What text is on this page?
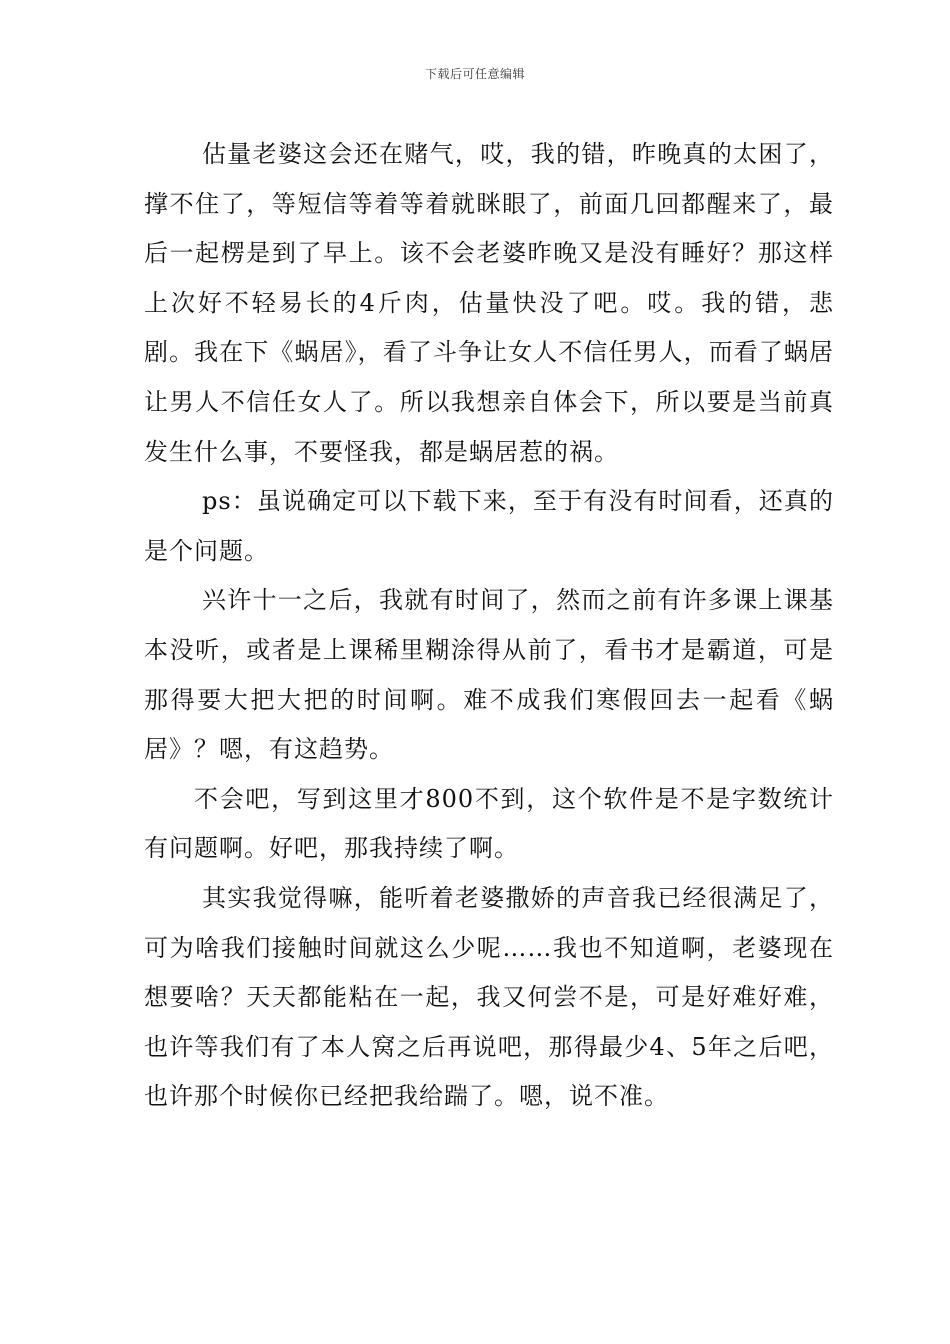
下载后可任意编辑

估量老婆这会还在赌气，哎，我的错，昨晚真的太困了，撑不住了，等短信等着等着就眯眼了，前面几回都醒来了，最后一起楞是到了早上。该不会老婆昨晚又是没有睡好？那这样上次好不轻易长的4斤肉，估量快没了吧。哎。我的错，悲剧。我在下《蜗居》，看了斗争让女人不信任男人，而看了蜗居让男人不信任女人了。所以我想亲自体会下，所以要是当前真发生什么事，不要怪我，都是蜗居惹的祸。

ps：虽说确定可以下载下来，至于有没有时间看，还真的是个问题。

兴许十一之后，我就有时间了，然而之前有许多课上课基本没听，或者是上课稀里糊涂得从前了，看书才是霸道，可是那得要大把大把的时间啊。难不成我们寒假回去一起看《蜗居》？嗯，有这趋势。

不会吧，写到这里才800不到，这个软件是不是字数统计有问题啊。好吧，那我持续了啊。

其实我觉得嘛，能听着老婆撒娇的声音我已经很满足了，可为啥我们接触时间就这么少呢……我也不知道啊，老婆现在想要啥？天天都能粘在一起，我又何尝不是，可是好难好难，也许等我们有了本人窝之后再说吧，那得最少4、5年之后吧，也许那个时候你已经把我给踹了。嗯，说不准。
